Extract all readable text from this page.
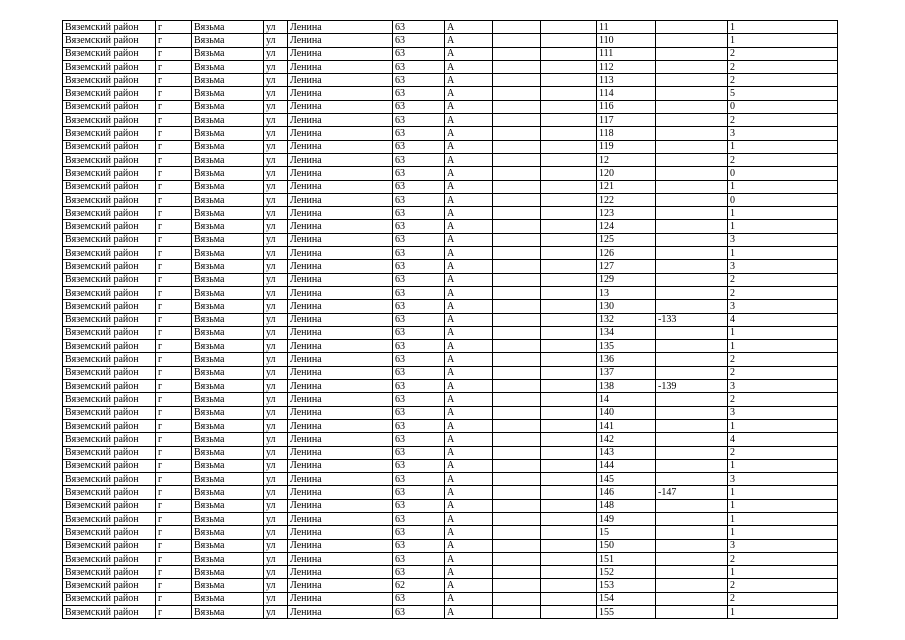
Вяземский район	г	Вязьма	ул	Ленина	63	А			11		1
Вяземский район	г	Вязьма	ул	Ленина	63	А			110		1
Вяземский район	г	Вязьма	ул	Ленина	63	А			111		2
Вяземский район	г	Вязьма	ул	Ленина	63	А			112		2
Вяземский район	г	Вязьма	ул	Ленина	63	А			113		2
Вяземский район	г	Вязьма	ул	Ленина	63	А			114		5
Вяземский район	г	Вязьма	ул	Ленина	63	А			116		0
Вяземский район	г	Вязьма	ул	Ленина	63	А			117		2
Вяземский район	г	Вязьма	ул	Ленина	63	А			118		3
Вяземский район	г	Вязьма	ул	Ленина	63	А			119		1
Вяземский район	г	Вязьма	ул	Ленина	63	А			12		2
Вяземский район	г	Вязьма	ул	Ленина	63	А			120		0
Вяземский район	г	Вязьма	ул	Ленина	63	А			121		1
Вяземский район	г	Вязьма	ул	Ленина	63	А			122		0
Вяземский район	г	Вязьма	ул	Ленина	63	А			123		1
Вяземский район	г	Вязьма	ул	Ленина	63	А			124		1
Вяземский район	г	Вязьма	ул	Ленина	63	А			125		3
Вяземский район	г	Вязьма	ул	Ленина	63	А			126		1
Вяземский район	г	Вязьма	ул	Ленина	63	А			127		3
Вяземский район	г	Вязьма	ул	Ленина	63	А			129		2
Вяземский район	г	Вязьма	ул	Ленина	63	А			13		2
Вяземский район	г	Вязьма	ул	Ленина	63	А			130		3
Вяземский район	г	Вязьма	ул	Ленина	63	А			132	-133	4
Вяземский район	г	Вязьма	ул	Ленина	63	А			134		1
Вяземский район	г	Вязьма	ул	Ленина	63	А			135		1
Вяземский район	г	Вязьма	ул	Ленина	63	А			136		2
Вяземский район	г	Вязьма	ул	Ленина	63	А			137		2
Вяземский район	г	Вязьма	ул	Ленина	63	А			138	-139	3
Вяземский район	г	Вязьма	ул	Ленина	63	А			14		2
Вяземский район	г	Вязьма	ул	Ленина	63	А			140		3
Вяземский район	г	Вязьма	ул	Ленина	63	А			141		1
Вяземский район	г	Вязьма	ул	Ленина	63	А			142		4
Вяземский район	г	Вязьма	ул	Ленина	63	А			143		2
Вяземский район	г	Вязьма	ул	Ленина	63	А			144		1
Вяземский район	г	Вязьма	ул	Ленина	63	А			145		3
Вяземский район	г	Вязьма	ул	Ленина	63	А			146	-147	1
Вяземский район	г	Вязьма	ул	Ленина	63	А			148		1
Вяземский район	г	Вязьма	ул	Ленина	63	А			149		1
Вяземский район	г	Вязьма	ул	Ленина	63	А			15		1
Вяземский район	г	Вязьма	ул	Ленина	63	А			150		3
Вяземский район	г	Вязьма	ул	Ленина	63	А			151		2
Вяземский район	г	Вязьма	ул	Ленина	63	А			152		1
Вяземский район	г	Вязьма	ул	Ленина	62	А			153		2
Вяземский район	г	Вязьма	ул	Ленина	63	А			154		2
Вяземский район	г	Вязьма	ул	Ленина	63	А			155		1
